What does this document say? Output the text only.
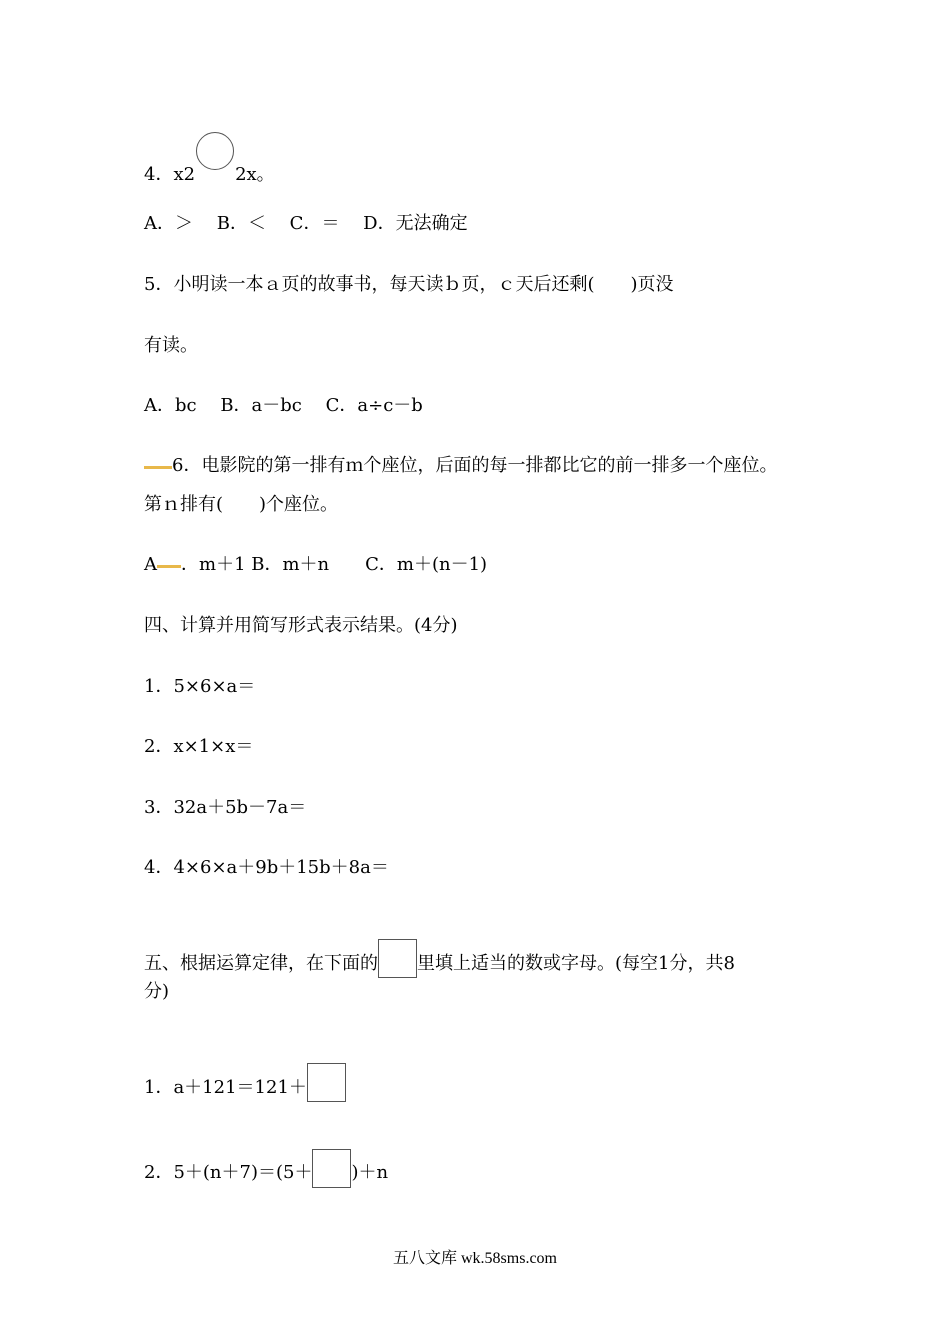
4．x2 2x。
A．＞　 B．＜　 C．＝　 D．无法确定
5．小明读一本ａ页的故事书，每天读ｂ页，ｃ天后还剩(　　)页没
有读。
A．bc　 B．a－bc　 C．a÷c－b
6．电影院的第一排有ｍ个座位，后面的每一排都比它的前一排多一个座位。
第ｎ排有(　　)个座位。
A ．m＋1 B．m＋n　　C．m＋(n－1)
四、计算并用简写形式表示结果。(4分)
1．5×6×a＝
2．x×1×x＝
3．32a＋5b－7a＝
4．4×6×a＋9b＋15b＋8a＝
五、根据运算定律，在下面的 里填上适当的数或字母。(每空1分，共8
分)
1．a＋121＝121＋
2．5＋(n＋7)＝(5＋ )＋n
五八文库 wk.58sms.com
